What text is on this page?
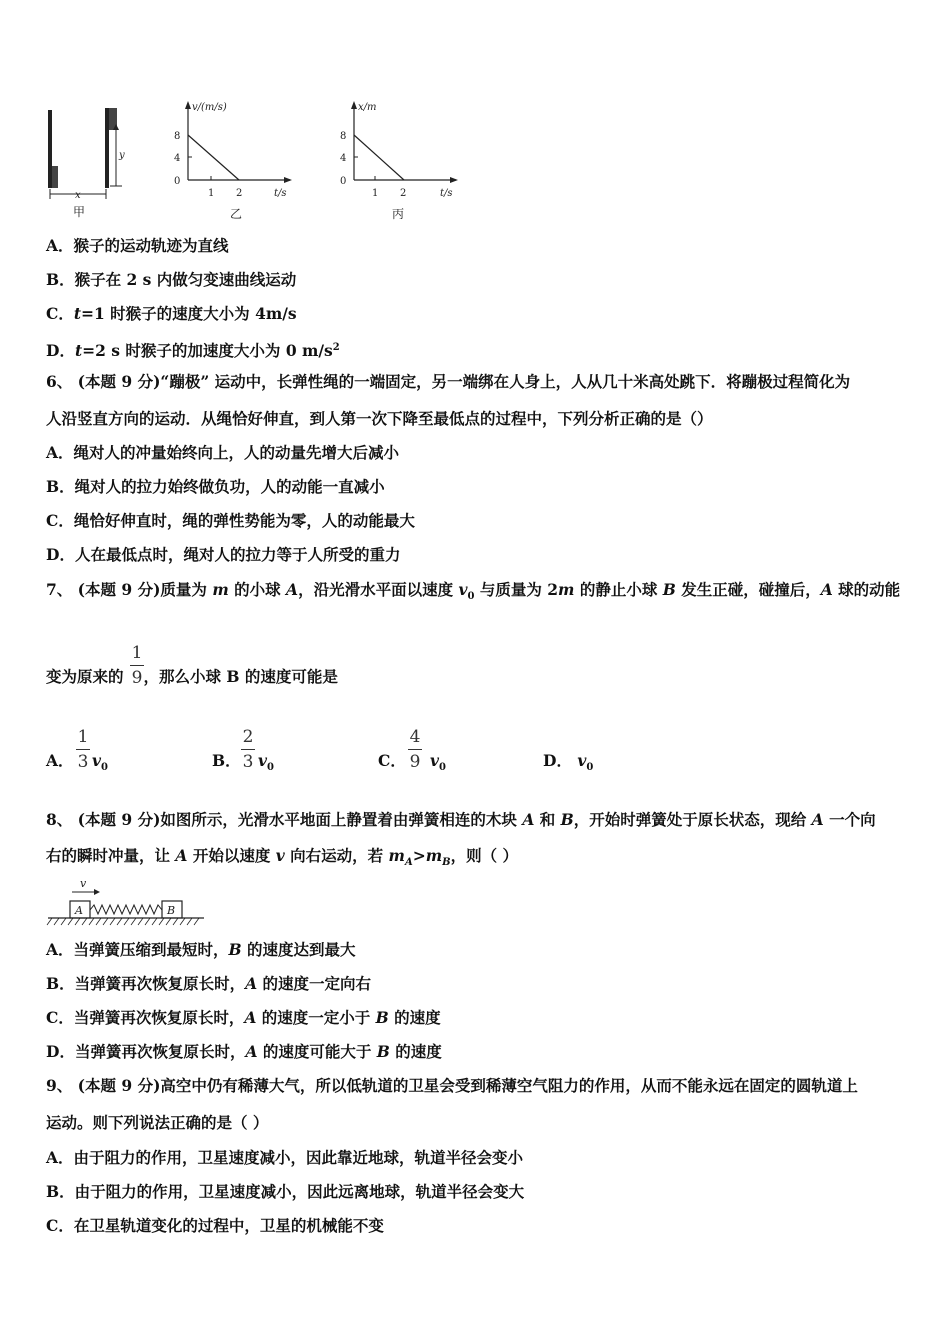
y
x
甲
v/(m/s)
t/s
8
4
0
1 2
乙
x/m
t/s
8
4
0
1 2
丙
A．猴子的运动轨迹为直线
B．猴子在 2 s 内做匀变速曲线运动
C．t=1 时猴子的速度大小为 4m/s
D．t=2 s 时猴子的加速度大小为 0 $m/s^2$
6、 (本题 9 分)“蹦极” 运动中，长弹性绳的一端固定，另一端绑在人身上，人从几十米高处跳下．将蹦极过程简化为
人沿竖直方向的运动．从绳恰好伸直，到人第一次下降至最低点的过程中，下列分析正确的是（）
A．绳对人的冲量始终向上，人的动量先增大后减小
B．绳对人的拉力始终做负功，人的动能一直减小
C．绳恰好伸直时，绳的弹性势能为零，人的动能最大
D．人在最低点时，绳对人的拉力等于人所受的重力
7、 (本题 9 分)质量为 m 的小球 A，沿光滑水平面以速度 $v_0$ 与质量为 2m 的静止小球 B 发生正碰，碰撞后，A 球的动能
变为原来的 ，那么小球 B 的速度可能是
1
9
A．
1
3 $v_0$	B．
2
3 $v_0$	C．
4
9 $v_0$	D． $v_0$
8、 (本题 9 分)如图所示，光滑水平地面上静置着由弹簧相连的木块 A 和 B，开始时弹簧处于原长状态，现给 A 一个向
右的瞬时冲量，让 A 开始以速度 v 向右运动，若 $m_A>m_B$，则（ ）
v
A	B
A．当弹簧压缩到最短时，B 的速度达到最大
B．当弹簧再次恢复原长时，A 的速度一定向右
C．当弹簧再次恢复原长时，A 的速度一定小于 B 的速度
D．当弹簧再次恢复原长时，A 的速度可能大于 B 的速度
9、 (本题 9 分)高空中仍有稀薄大气，所以低轨道的卫星会受到稀薄空气阻力的作用，从而不能永远在固定的圆轨道上
运动。则下列说法正确的是（ ）
A．由于阻力的作用，卫星速度减小，因此靠近地球，轨道半径会变小
B．由于阻力的作用，卫星速度减小，因此远离地球，轨道半径会变大
C．在卫星轨道变化的过程中，卫星的机械能不变
